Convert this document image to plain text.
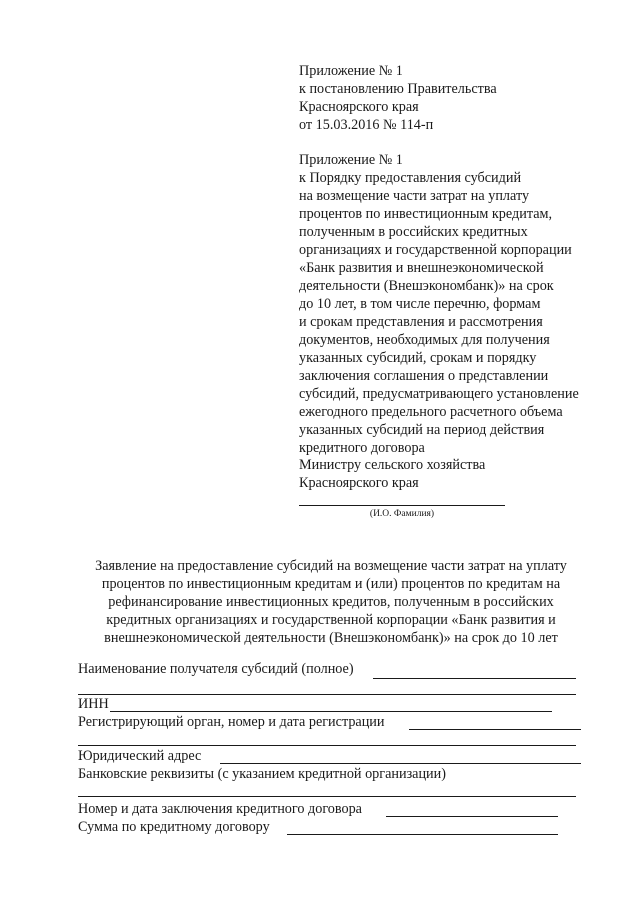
Приложение № 1
к постановлению Правительства
Красноярского края
от 15.03.2016 № 114-п
Приложение № 1
к Порядку предоставления субсидий
на возмещение части затрат на уплату
процентов по инвестиционным кредитам,
полученным в российских кредитных
организациях и государственной корпорации
«Банк развития и внешнеэкономической
деятельности (Внешэкономбанк)» на срок
до 10 лет, в том числе перечню, формам
и срокам представления и рассмотрения
документов, необходимых для получения
указанных субсидий, срокам и порядку
заключения соглашения о представлении
субсидий, предусматривающего установление
ежегодного предельного расчетного объема
указанных субсидий на период действия
кредитного договора
Министру сельского хозяйства
Красноярского края
(И.О. Фамилия)
Заявление на предоставление субсидий на возмещение части затрат на уплату
процентов по инвестиционным кредитам и (или) процентов по кредитам на
рефинансирование инвестиционных кредитов, полученным в российских
кредитных организациях и государственной корпорации «Банк развития и
внешнеэкономической деятельности (Внешэкономбанк)» на срок до 10 лет
Наименование получателя субсидий (полное)
ИНН
Регистрирующий орган, номер и дата регистрации
Юридический адрес
Банковские реквизиты (с указанием кредитной организации)
Номер и дата заключения кредитного договора
Сумма по кредитному договору
